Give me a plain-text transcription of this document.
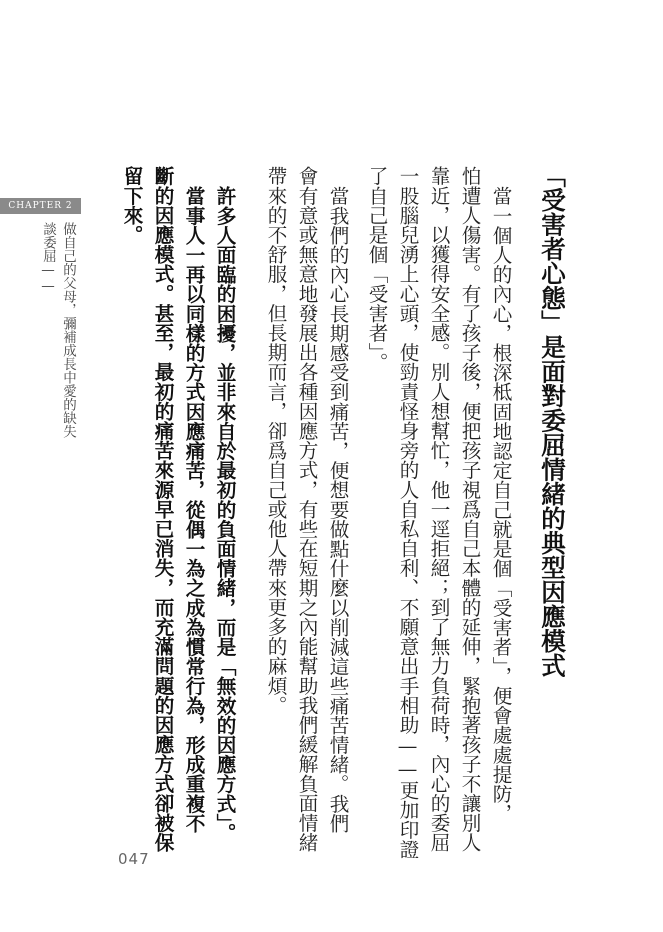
CHAPTER 2
談委屈—— 做自己的父母，彌補成長中愛的缺失	「受害者心態」是面對委屈情緒的典型因應模式
當一個人的內心，根深柢固地認定自己就是個「受害者」，便會處處提防，
怕遭人傷害。有了孩子後，便把孩子視爲自己本體的延伸，緊抱著孩子不讓別人
靠近，以獲得安全感。別人想幫忙，他一逕拒絕；到了無力負荷時，內心的委屈
一股腦兒湧上心頭，使勁責怪身旁的人自私自利、不願意出手相助——更加印證
了自己是個「受害者」。
當我們的內心長期感受到痛苦，便想要做點什麼以削減這些痛苦情緒。我們
會有意或無意地發展出各種因應方式，有些在短期之內能幫助我們緩解負面情緒
帶來的不舒服，但長期而言，卻爲自己或他人帶來更多的麻煩。
許多人面臨的困擾，並非來自於最初的負面情緒，而是「無效的因應方式」。
當事人一再以同樣的方式因應痛苦，從偶一為之成為慣常行為，形成重複不
斷的因應模式。甚至，最初的痛苦來源早已消失，而充滿問題的因應方式卻被保
留下來。
047
